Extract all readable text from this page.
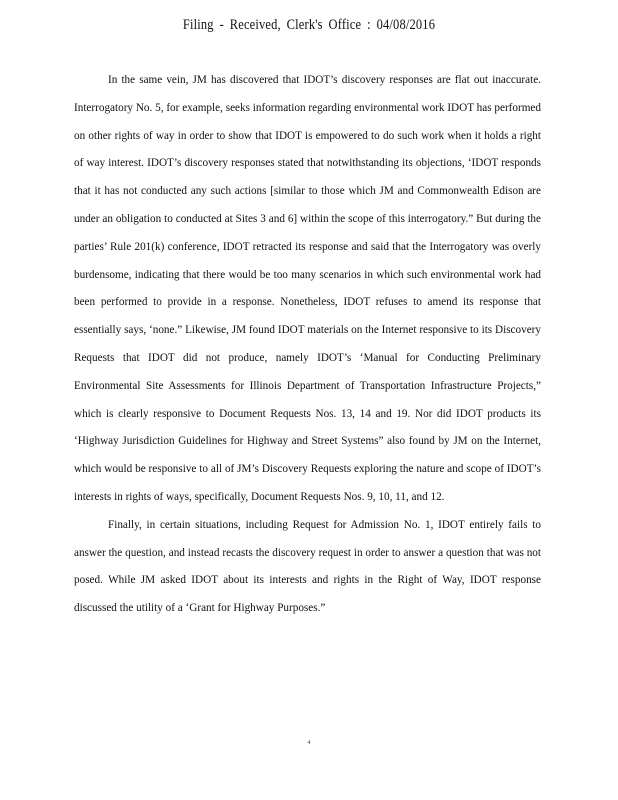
Filing - Received, Clerk's Office : 04/08/2016

In the same vein, JM has discovered that IDOT’s discovery responses are flat out inaccurate. Interrogatory No. 5, for example, seeks information regarding environmental work IDOT has performed on other rights of way in order to show that IDOT is empowered to do such work when it holds a right of way interest. IDOT’s discovery responses stated that notwithstanding its objections, ‘IDOT responds that it has not conducted any such actions [similar to those which JM and Commonwealth Edison are under an obligation to conducted at Sites 3 and 6] within the scope of this interrogatory.” But during the parties’ Rule 201(k) conference, IDOT retracted its response and said that the Interrogatory was overly burdensome, indicating that there would be too many scenarios in which such environmental work had been performed to provide in a response. Nonetheless, IDOT refuses to amend its response that essentially says, ‘none.” Likewise, JM found IDOT materials on the Internet responsive to its Discovery Requests that IDOT did not produce, namely IDOT’s ‘Manual for Conducting Preliminary Environmental Site Assessments for Illinois Department of Transportation Infrastructure Projects,” which is clearly responsive to Document Requests Nos. 13, 14 and 19. Nor did IDOT products its ‘Highway Jurisdiction Guidelines for Highway and Street Systems” also found by JM on the Internet, which would be responsive to all of JM’s Discovery Requests exploring the nature and scope of IDOT’s interests in rights of ways, specifically, Document Requests Nos. 9, 10, 11, and 12.

Finally, in certain situations, including Request for Admission No. 1, IDOT entirely fails to answer the question, and instead recasts the discovery request in order to answer a question that was not posed. While JM asked IDOT about its interests and rights in the Right of Way, IDOT response discussed the utility of a ‘Grant for Highway Purposes.”

4
